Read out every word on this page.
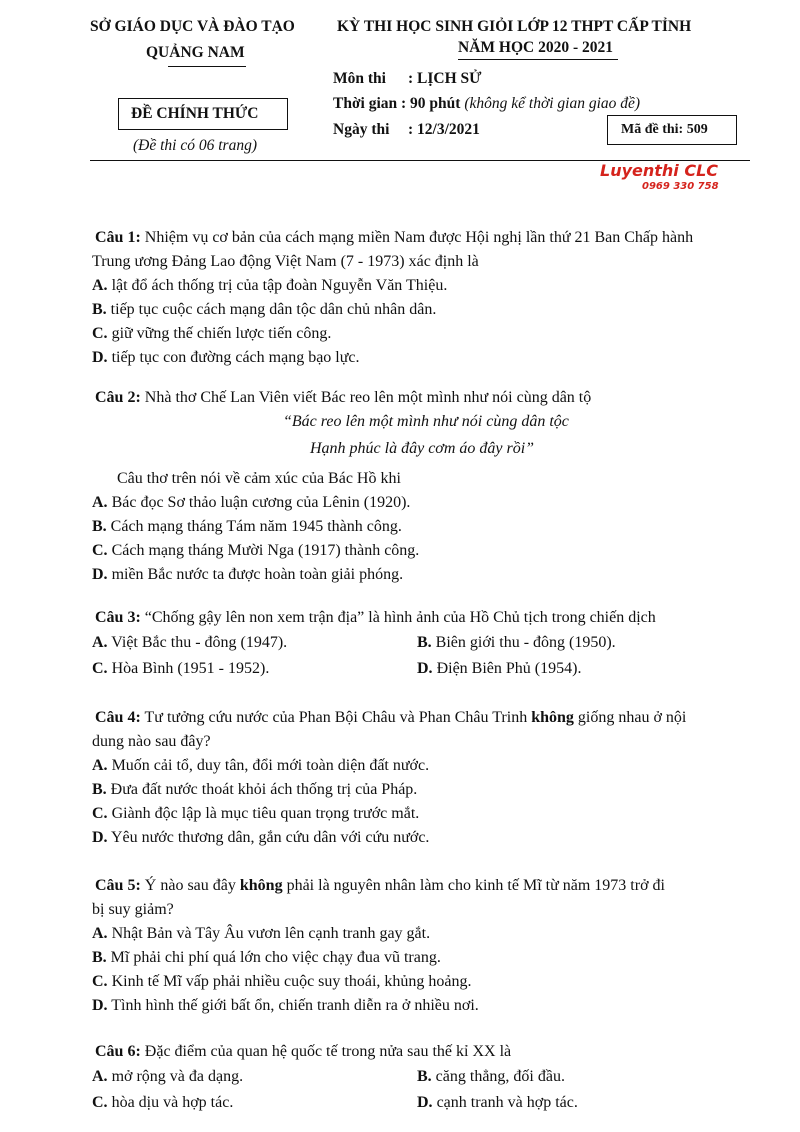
SỞ GIÁO DỤC VÀ ĐÀO TẠO
QUẢNG NAM
ĐỀ CHÍNH THỨC
(Đề thi có 06 trang)
KỲ THI HỌC SINH GIỎI LỚP 12 THPT CẤP TỈNH
NĂM HỌC 2020 - 2021
Môn thi : LỊCH SỬ
Thời gian : 90 phút (không kể thời gian giao đề)
Ngày thi : 12/3/2021	Mã đề thi: 509
Luyenthi CLC
0969 330 758

Câu 1: Nhiệm vụ cơ bản của cách mạng miền Nam được Hội nghị lần thứ 21 Ban Chấp hành

Trung ương Đảng Lao động Việt Nam (7 - 1973) xác định là

A. lật đổ ách thống trị của tập đoàn Nguyễn Văn Thiệu.

B. tiếp tục cuộc cách mạng dân tộc dân chủ nhân dân.

C. giữ vững thế chiến lược tiến công.

D. tiếp tục con đường cách mạng bạo lực.

Câu 2: Nhà thơ Chế Lan Viên viết Bác reo lên một mình như nói cùng dân tộ

“Bác reo lên một mình như nói cùng dân tộc

Hạnh phúc là đây cơm áo đây rồi”

Câu thơ trên nói về cảm xúc của Bác Hồ khi

A. Bác đọc Sơ thảo luận cương của Lênin (1920).

B. Cách mạng tháng Tám năm 1945 thành công.

C. Cách mạng tháng Mười Nga (1917) thành công.

D. miền Bắc nước ta được hoàn toàn giải phóng.

Câu 3: “Chống gậy lên non xem trận địa” là hình ảnh của Hồ Chủ tịch trong chiến dịch

A. Việt Bắc thu - đông (1947).	B. Biên giới thu - đông (1950).
C. Hòa Bình (1951 - 1952).	D. Điện Biên Phủ (1954).

Câu 4: Tư tưởng cứu nước của Phan Bội Châu và Phan Châu Trinh không giống nhau ở nội

dung nào sau đây?

A. Muốn cải tổ, duy tân, đổi mới toàn diện đất nước.

B. Đưa đất nước thoát khỏi ách thống trị của Pháp.

C. Giành độc lập là mục tiêu quan trọng trước mắt.

D. Yêu nước thương dân, gắn cứu dân với cứu nước.

Câu 5: Ý nào sau đây không phải là nguyên nhân làm cho kinh tế Mĩ từ năm 1973 trở đi

bị suy giảm?

A. Nhật Bản và Tây Âu vươn lên cạnh tranh gay gắt.

B. Mĩ phải chi phí quá lớn cho việc chạy đua vũ trang.

C. Kinh tế Mĩ vấp phải nhiều cuộc suy thoái, khủng hoảng.

D. Tình hình thế giới bất ổn, chiến tranh diễn ra ở nhiều nơi.

Câu 6: Đặc điểm của quan hệ quốc tế trong nửa sau thế kỉ XX là

A. mở rộng và đa dạng.	B. căng thẳng, đối đầu.
C. hòa dịu và hợp tác.	D. cạnh tranh và hợp tác.
